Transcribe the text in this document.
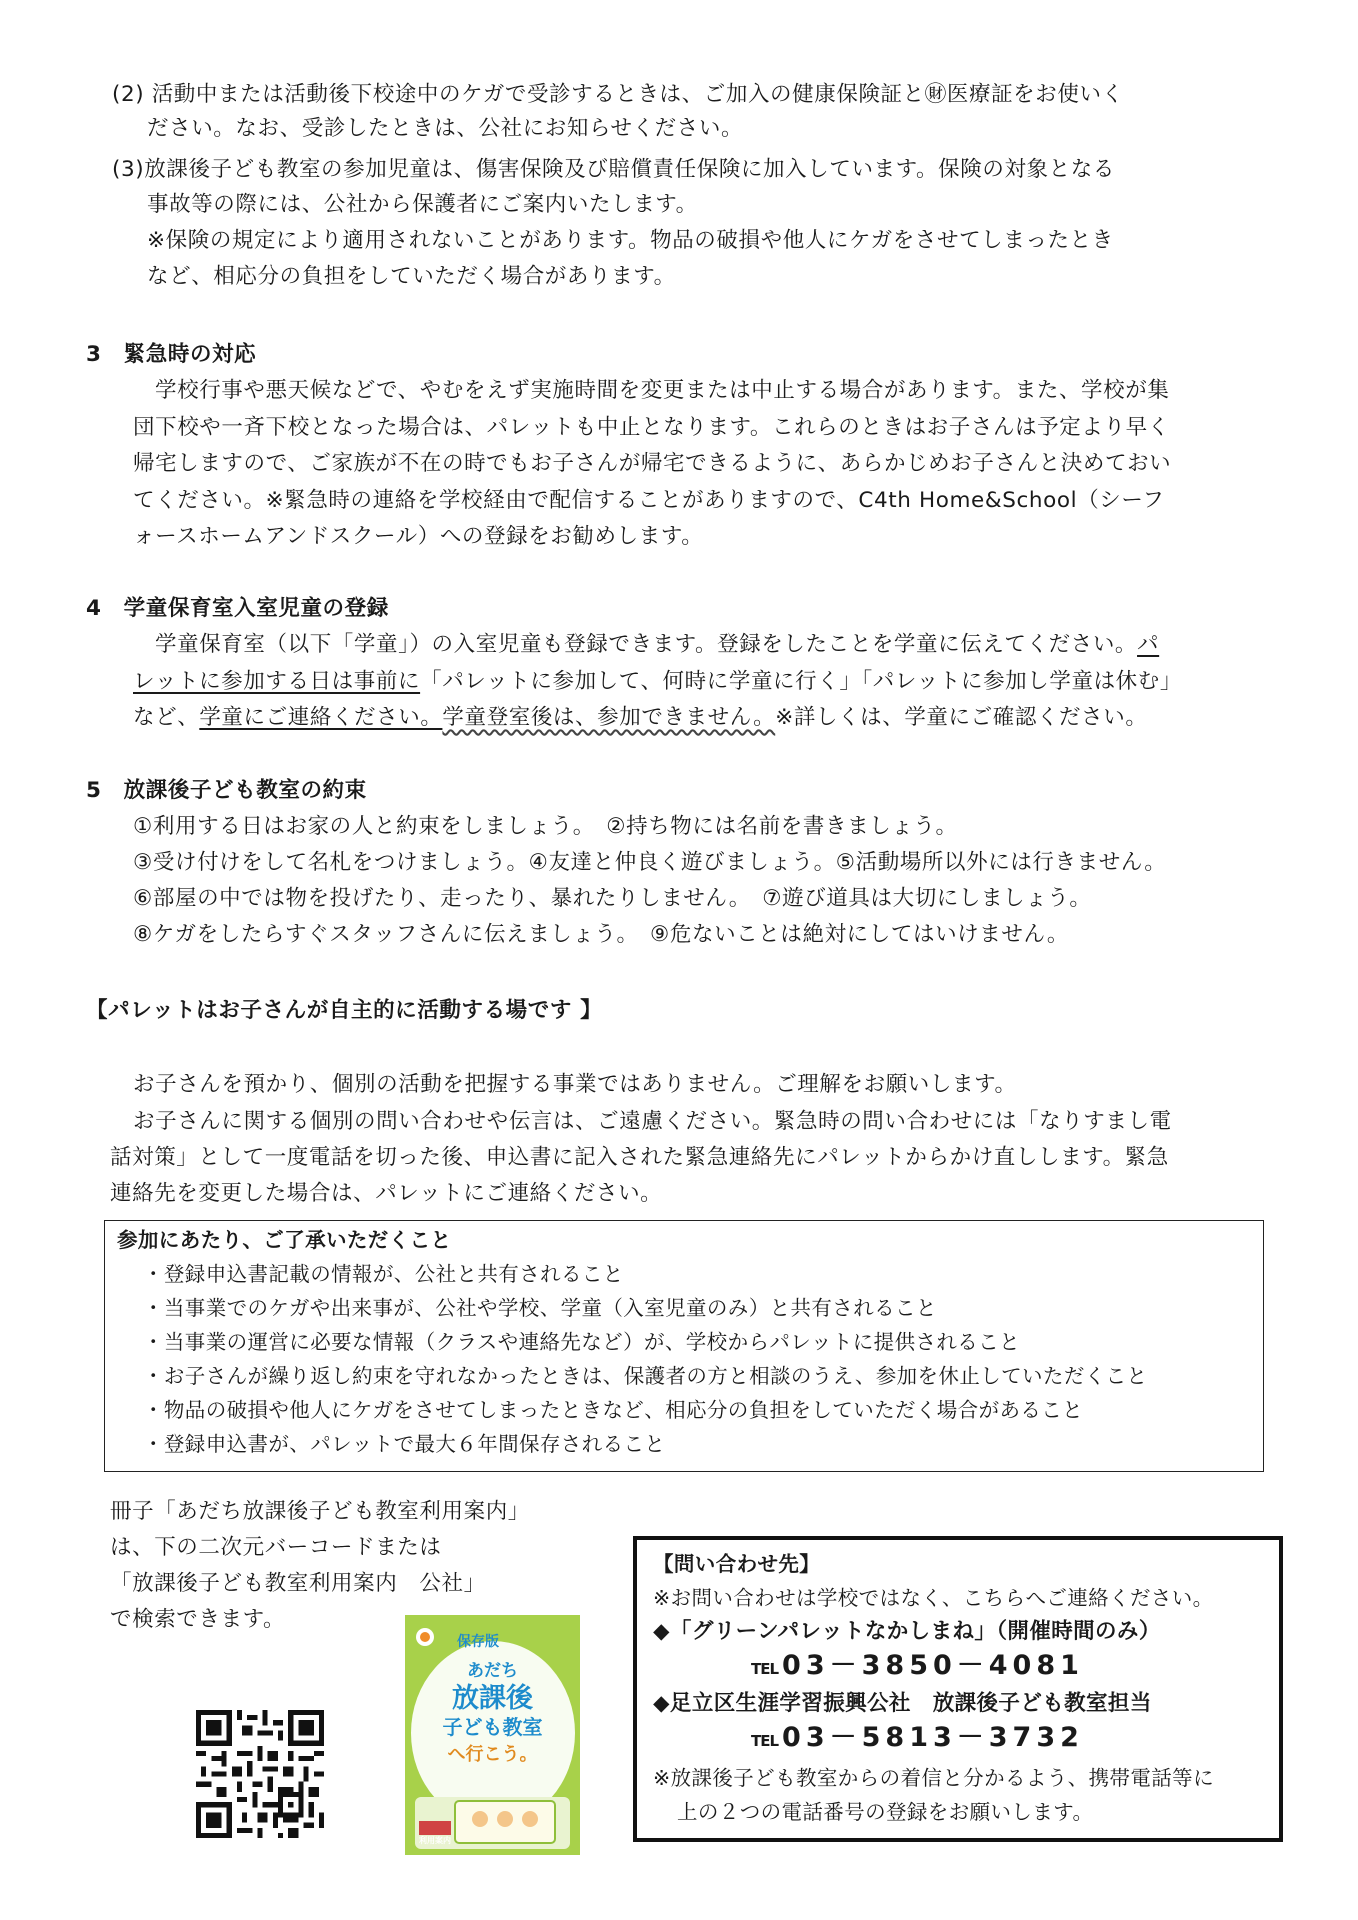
(2) 活動中または活動後下校途中のケガで受診するときは、ご加入の健康保険証と㊖医療証をお使いく
ださい。なお、受診したときは、公社にお知らせください。
(3)放課後子ども教室の参加児童は、傷害保険及び賠償責任保険に加入しています。保険の対象となる
事故等の際には、公社から保護者にご案内いたします。
※保険の規定により適用されないことがあります。物品の破損や他人にケガをさせてしまったとき
など、相応分の負担をしていただく場合があります。
3　緊急時の対応
学校行事や悪天候などで、やむをえず実施時間を変更または中止する場合があります。また、学校が集
団下校や一斉下校となった場合は、パレットも中止となります。これらのときはお子さんは予定より早く
帰宅しますので、ご家族が不在の時でもお子さんが帰宅できるように、あらかじめお子さんと決めておい
てください。※緊急時の連絡を学校経由で配信することがありますので、C4th Home&School（シーフ
ォースホームアンドスクール）への登録をお勧めします。
4　学童保育室入室児童の登録
学童保育室（以下「学童」）の入室児童も登録できます。登録をしたことを学童に伝えてください。パ
レットに参加する日は事前に「パレットに参加して、何時に学童に行く」「パレットに参加し学童は休む」
など、学童にご連絡ください。学童登室後は、参加できません。※詳しくは、学童にご確認ください。
5　放課後子ども教室の約束
①利用する日はお家の人と約束をしましょう。　②持ち物には名前を書きましょう。
③受け付けをして名札をつけましょう。④友達と仲良く遊びましょう。⑤活動場所以外には行きません。
⑥部屋の中では物を投げたり、走ったり、暴れたりしません。　⑦遊び道具は大切にしましょう。
⑧ケガをしたらすぐスタッフさんに伝えましょう。　⑨危ないことは絶対にしてはいけません。
【パレットはお子さんが自主的に活動する場です 】
お子さんを預かり、個別の活動を把握する事業ではありません。ご理解をお願いします。
お子さんに関する個別の問い合わせや伝言は、ご遠慮ください。緊急時の問い合わせには「なりすまし電
話対策」として一度電話を切った後、申込書に記入された緊急連絡先にパレットからかけ直しします。緊急
連絡先を変更した場合は、パレットにご連絡ください。
参加にあたり、ご了承いただくこと
・登録申込書記載の情報が、公社と共有されること
・当事業でのケガや出来事が、公社や学校、学童（入室児童のみ）と共有されること
・当事業の運営に必要な情報（クラスや連絡先など）が、学校からパレットに提供されること
・お子さんが繰り返し約束を守れなかったときは、保護者の方と相談のうえ、参加を休止していただくこと
・物品の破損や他人にケガをさせてしまったときなど、相応分の負担をしていただく場合があること
・登録申込書が、パレットで最大６年間保存されること
冊子「あだち放課後子ども教室利用案内」
は、下の二次元バーコードまたは
「放課後子ども教室利用案内　公社」
で検索できます。
保存版
あだち
放課後
子ども教室
へ行こう。
利用案内
【問い合わせ先】
※お問い合わせは学校ではなく、こちらへご連絡ください。
◆「グリーンパレットなかしまね」（開催時間のみ）
TEL 03－3850－4081
◆足立区生涯学習振興公社　放課後子ども教室担当
TEL 03－5813－3732
※放課後子ども教室からの着信と分かるよう、携帯電話等に
上の２つの電話番号の登録をお願いします。
